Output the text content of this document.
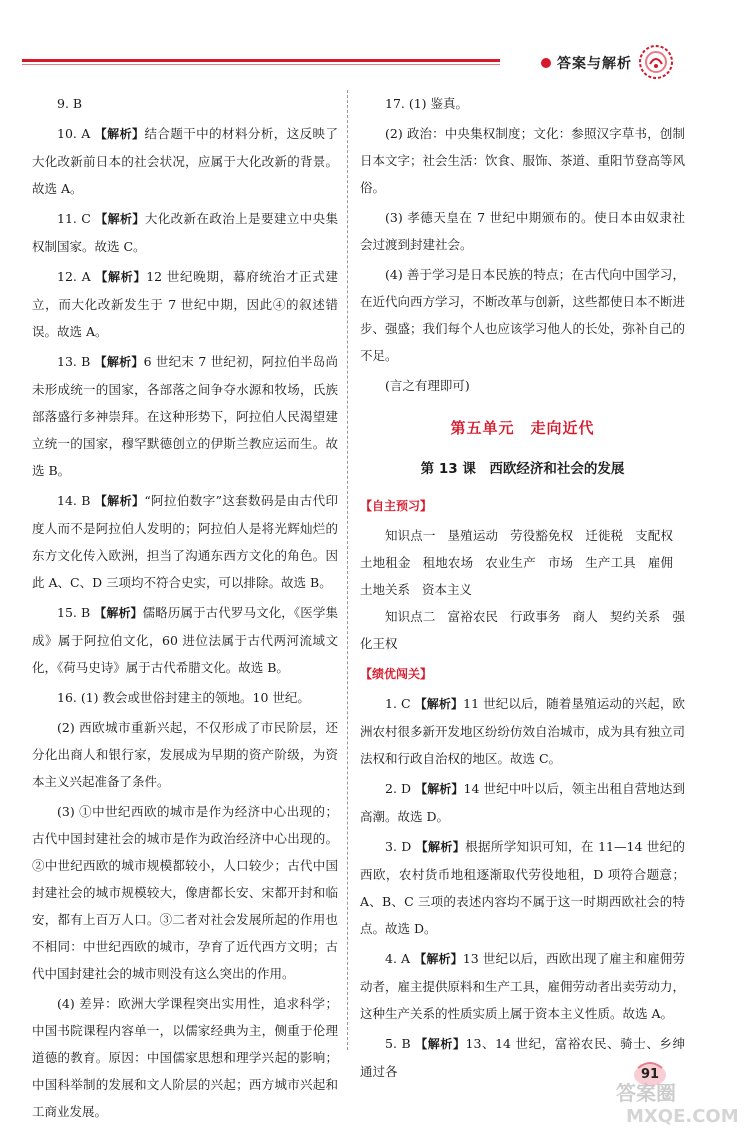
答案与解析

9. B

10. A 【解析】结合题干中的材料分析，这反映了大化改新前日本的社会状况，应属于大化改新的背景。故选 A。

11. C 【解析】大化改新在政治上是要建立中央集权制国家。故选 C。

12. A 【解析】12 世纪晚期，幕府统治才正式建立，而大化改新发生于 7 世纪中期，因此④的叙述错误。故选 A。

13. B 【解析】6 世纪末 7 世纪初，阿拉伯半岛尚未形成统一的国家，各部落之间争夺水源和牧场，氏族部落盛行多神崇拜。在这种形势下，阿拉伯人民渴望建立统一的国家，穆罕默德创立的伊斯兰教应运而生。故选 B。

14. B 【解析】“阿拉伯数字”这套数码是由古代印度人而不是阿拉伯人发明的；阿拉伯人是将光辉灿烂的东方文化传入欧洲，担当了沟通东西方文化的角色。因此 A、C、D 三项均不符合史实，可以排除。故选 B。

15. B 【解析】儒略历属于古代罗马文化，《医学集成》属于阿拉伯文化，60 进位法属于古代两河流域文化，《荷马史诗》属于古代希腊文化。故选 B。

16. (1) 教会或世俗封建主的领地。10 世纪。

(2) 西欧城市重新兴起，不仅形成了市民阶层，还分化出商人和银行家，发展成为早期的资产阶级，为资本主义兴起准备了条件。

(3) ①中世纪西欧的城市是作为经济中心出现的；古代中国封建社会的城市是作为政治经济中心出现的。②中世纪西欧的城市规模都较小，人口较少；古代中国封建社会的城市规模较大，像唐都长安、宋都开封和临安，都有上百万人口。③二者对社会发展所起的作用也不相同：中世纪西欧的城市，孕育了近代西方文明；古代中国封建社会的城市则没有这么突出的作用。

(4) 差异：欧洲大学课程突出实用性，追求科学；中国书院课程内容单一，以儒家经典为主，侧重于伦理道德的教育。原因：中国儒家思想和理学兴起的影响；中国科举制的发展和文人阶层的兴起；西方城市兴起和工商业发展。

17. (1) 鉴真。

(2) 政治：中央集权制度；文化：参照汉字草书，创制日本文字；社会生活：饮食、服饰、茶道、重阳节登高等风俗。

(3) 孝德天皇在 7 世纪中期颁布的。使日本由奴隶社会过渡到封建社会。

(4) 善于学习是日本民族的特点；在古代向中国学习，在近代向西方学习，不断改革与创新，这些都使日本不断进步、强盛；我们每个人也应该学习他人的长处，弥补自己的不足。

(言之有理即可)

第五单元　走向近代
第 13 课　西欧经济和社会的发展
【自主预习】

知识点一 垦殖运动 劳役豁免权 迁徙税 支配权土地租金 租地农场 农业生产 市场 生产工具 雇佣土地关系 资本主义

知识点二 富裕农民 行政事务 商人 契约关系 强化王权

【绩优闯关】

1. C 【解析】11 世纪以后，随着垦殖运动的兴起，欧洲农村很多新开发地区纷纷仿效自治城市，成为具有独立司法权和行政自治权的地区。故选 C。

2. D 【解析】14 世纪中叶以后，领主出租自营地达到高潮。故选 D。

3. D 【解析】根据所学知识可知，在 11—14 世纪的西欧，农村货币地租逐渐取代劳役地租，D 项符合题意；A、B、C 三项的表述内容均不属于这一时期西欧社会的特点。故选 D。

4. A 【解析】13 世纪以后，西欧出现了雇主和雇佣劳动者，雇主提供原料和生产工具，雇佣劳动者出卖劳动力，这种生产关系的性质实质上属于资本主义性质。故选 A。

5. B 【解析】13、14 世纪，富裕农民、骑士、乡绅通过各	91
答案圈
MXQE.COM
